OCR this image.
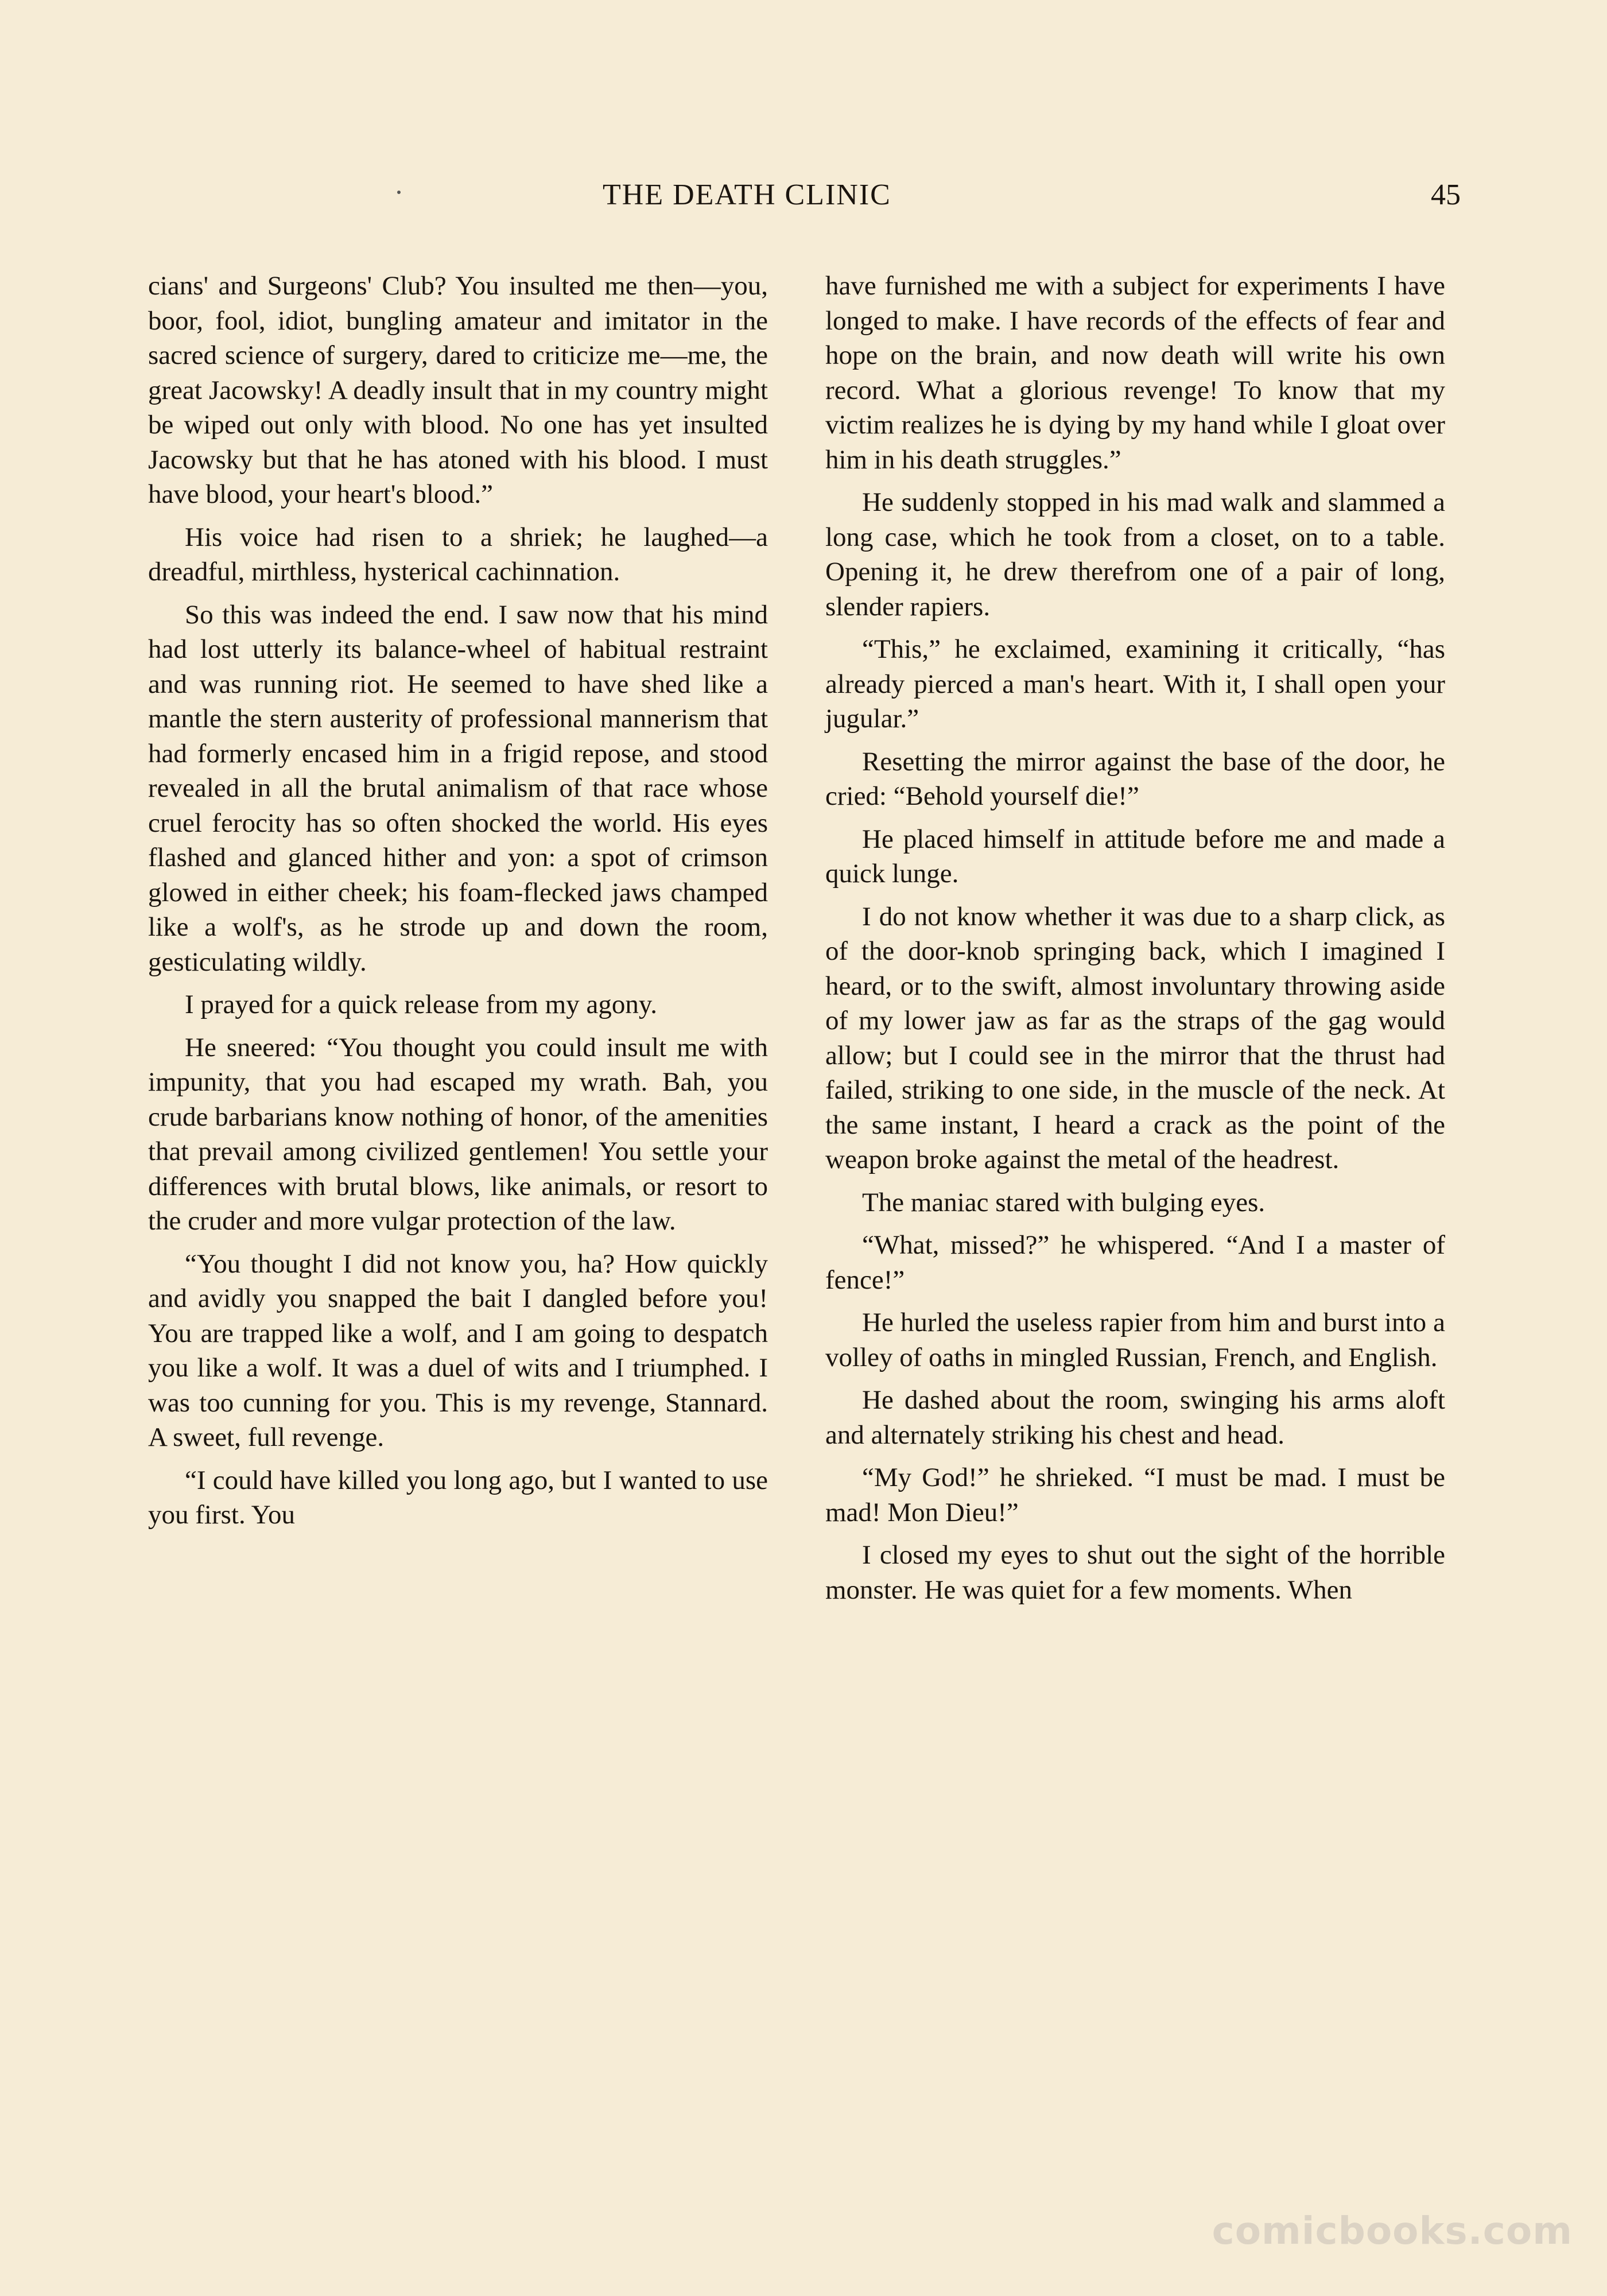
THE DEATH CLINIC	45

cians' and Surgeons' Club? You insulted me then—you, boor, fool, idiot, bungling amateur and imitator in the sacred science of surgery, dared to criticize me—me, the great Jacowsky! A deadly insult that in my country might be wiped out only with blood. No one has yet insulted Jacowsky but that he has atoned with his blood. I must have blood, your heart's blood.”

His voice had risen to a shriek; he laughed—a dreadful, mirthless, hysterical cachinnation.

So this was indeed the end. I saw now that his mind had lost utterly its balance-wheel of habitual restraint and was running riot. He seemed to have shed like a mantle the stern austerity of professional mannerism that had formerly encased him in a frigid repose, and stood revealed in all the brutal animalism of that race whose cruel ferocity has so often shocked the world. His eyes flashed and glanced hither and yon: a spot of crimson glowed in either cheek; his foam-flecked jaws champed like a wolf's, as he strode up and down the room, gesticulating wildly.

I prayed for a quick release from my agony.

He sneered: “You thought you could insult me with impunity, that you had escaped my wrath. Bah, you crude barbarians know nothing of honor, of the amenities that prevail among civilized gentlemen! You settle your differences with brutal blows, like animals, or resort to the cruder and more vulgar protection of the law.

“You thought I did not know you, ha? How quickly and avidly you snapped the bait I dangled before you! You are trapped like a wolf, and I am going to despatch you like a wolf. It was a duel of wits and I triumphed. I was too cunning for you. This is my revenge, Stannard. A sweet, full revenge.

“I could have killed you long ago, but I wanted to use you first. You

have furnished me with a subject for experiments I have longed to make. I have records of the effects of fear and hope on the brain, and now death will write his own record. What a glorious revenge! To know that my victim realizes he is dying by my hand while I gloat over him in his death struggles.”

He suddenly stopped in his mad walk and slammed a long case, which he took from a closet, on to a table. Opening it, he drew therefrom one of a pair of long, slender rapiers.

“This,” he exclaimed, examining it critically, “has already pierced a man's heart. With it, I shall open your jugular.”

Resetting the mirror against the base of the door, he cried: “Behold yourself die!”

He placed himself in attitude before me and made a quick lunge.

I do not know whether it was due to a sharp click, as of the door-knob springing back, which I imagined I heard, or to the swift, almost involuntary throwing aside of my lower jaw as far as the straps of the gag would allow; but I could see in the mirror that the thrust had failed, striking to one side, in the muscle of the neck. At the same instant, I heard a crack as the point of the weapon broke against the metal of the headrest.

The maniac stared with bulging eyes.

“What, missed?” he whispered. “And I a master of fence!”

He hurled the useless rapier from him and burst into a volley of oaths in mingled Russian, French, and English.

He dashed about the room, swinging his arms aloft and alternately striking his chest and head.

“My God!” he shrieked. “I must be mad. I must be mad! Mon Dieu!”

I closed my eyes to shut out the sight of the horrible monster. He was quiet for a few moments. When

comicbooks.com
